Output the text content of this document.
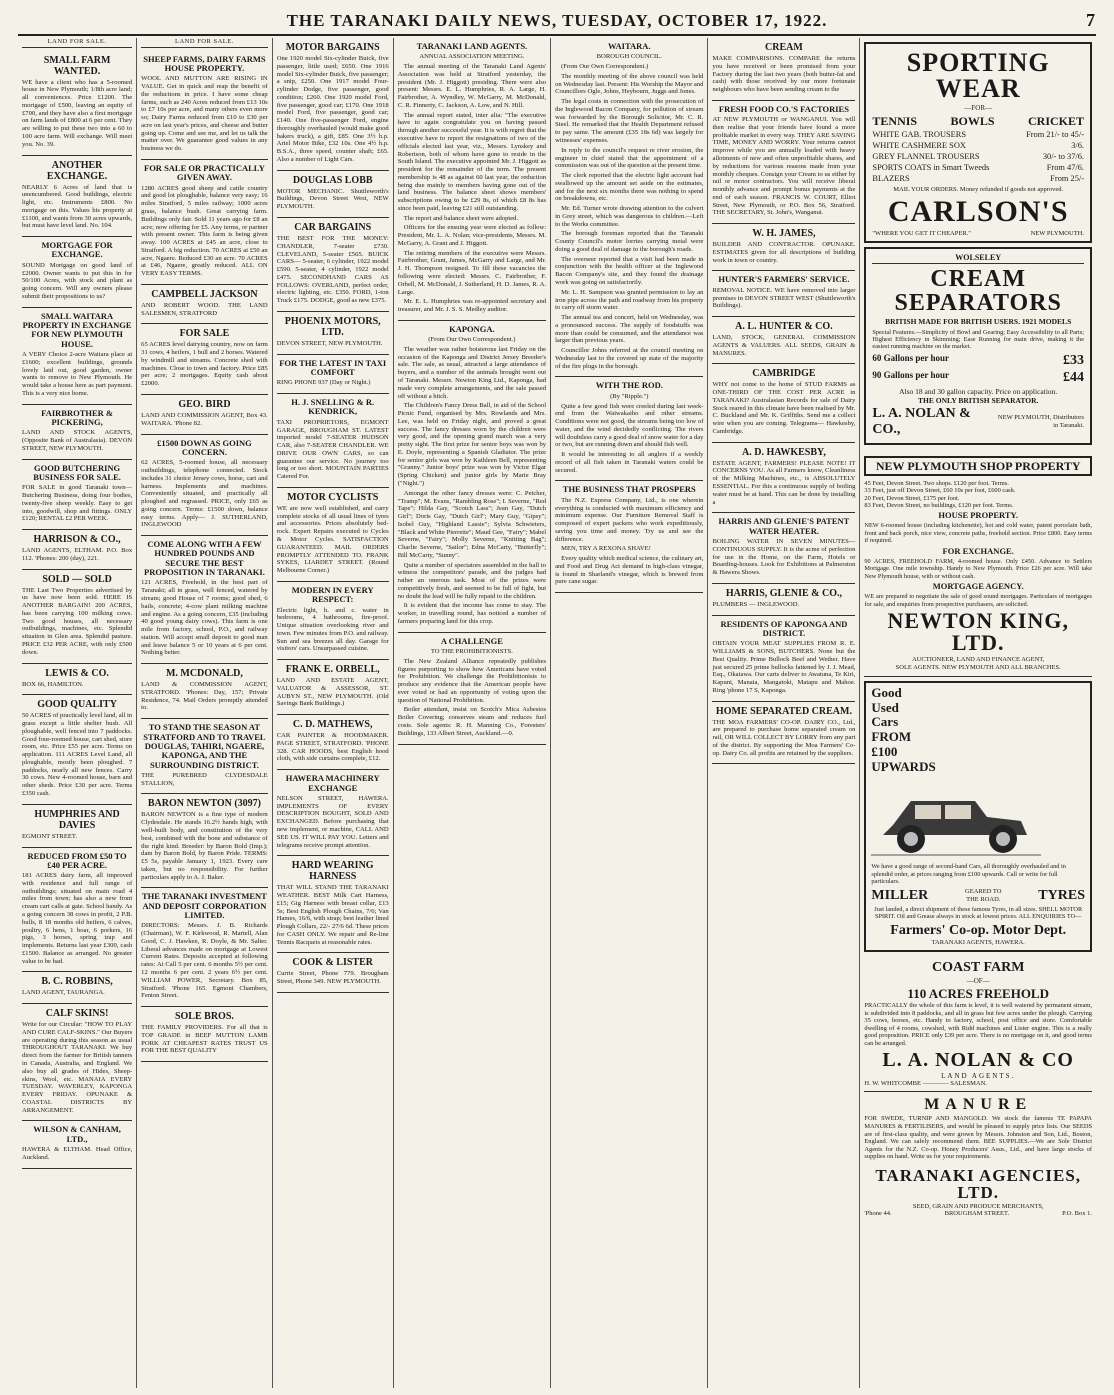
THE TARANAKI DAILY NEWS, TUESDAY, OCTOBER 17, 1922.	7
LAND FOR SALE.
SMALL FARM WANTED.

WE have a client who has a 5-roomed house in New Plymouth; 1/8th acre land; all conveniences. Price £1200. The mortgage of £500, leaving an equity of £700, and they have also a first mortgage on farm lands of £800 at 6 per cent. They are willing to put these two into a 60 to 100 acre farm. Will exchange. Will meet you. No. 39.

ANOTHER EXCHANGE.

NEARLY 6 Acres of land that is unencumbered. Good buildings, electric light, etc. Instruments £800. No mortgage on this. Values his property at £1100, and wants from 30 acres upwards, but must have level land. No. 104.

MORTGAGE FOR EXCHANGE.

SOUND Mortgage on good land of £2000. Owner wants to put this in for 50/100 Acres, with stock and plant as going concern. Will any owners please submit their propositions to us?

SMALL WAITARA PROPERTY IN EXCHANGE FOR NEW PLYMOUTH HOUSE.

A VERY Choice 2-acre Waitara place at £1600; excellent buildings, grounds lovely laid out, good garden, owner wants to remove to New Plymouth. He would take a house here as part payment. This is a very nice home.

FAIRBROTHER & PICKERING,

LAND AND STOCK AGENTS, (Opposite Bank of Australasia). DEVON STREET, NEW PLYMOUTH.

GOOD BUTCHERING BUSINESS FOR SALE.

FOR SALE in good Taranaki town—Butchering Business, doing four bodies, twenty-five sheep weekly. Easy to get into, goodwill, shop and fittings. ONLY £120; RENTAL £2 PER WEEK.

HARRISON & CO.,

LAND AGENTS, ELTHAM. P.O. Box 112. 'Phones: 200 (day), 221.

SOLD — SOLD

THE Last Two Properties advertised by us have now been sold. HERE IS ANOTHER BARGAIN! 200 ACRES, has been carrying 100 milking cows. Two good houses, all necessary outbuildings, machines, etc. Splendid situation in Glen area. Splendid pasture. PRICE £32 PER ACRE, with only £500 down.

LEWIS & CO.

BOX 66, HAMILTON.

GOOD QUALITY

50 ACRES of practically level land, all in grass except a little shelter bush. All ploughable, well fenced into 7 paddocks. Good four-roomed house, cart shed, store room, etc. Price £55 per acre. Terms on application. 111 ACRES Level Land, all ploughable, mostly been ploughed. 7 paddocks, nearly all new fences. Carry 30 cows. New 4-roomed house, barn and other sheds. Price £30 per acre. Terms £350 cash.

HUMPHRIES AND DAVIES

EGMONT STREET.

REDUCED FROM £50 TO £40 PER ACRE.

181 ACRES dairy farm, all improved with residence and full range of outbuildings; situated on main road 4 miles from town; has also a new front cream cart calls at gate. School handy. As a going concern 38 cows in profit, 2 P.B. bulls, 8 18 months old heifers, 6 calves, poultry, 6 hens, 1 boar, 6 porkers, 16 pigs, 3 horses, spring trap and implements. Returns last year £300, cash £1500. Balance as arranged. No greater value to be had.

B. C. ROBBINS,

LAND AGENT, TAURANGA.

CALF SKINS!

Write for our Circular: "HOW TO PLAY AND CURE CALF-SKINS." Our Buyers are operating during this season as usual THROUGHOUT TARANAKI. We buy direct from the farmer for British tanners in Canada, Australia, and England. We also buy all grades of Hides, Sheep-skins, Wool, etc. MANAIA EVERY TUESDAY. WAVERLEY, KAPONGA EVERY FRIDAY. OPUNAKE & COASTAL DISTRICTS BY ARRANGEMENT.

WILSON & CANHAM, LTD.,

HAWERA & ELTHAM. Head Office, Auckland.

LAND FOR SALE.
SHEEP FARMS, DAIRY FARMS HOUSE PROPERTY.

WOOL AND MUTTON ARE RISING IN VALUE. Get in quick and reap the benefit of the reductions in price. I have some cheap farms, such as 240 Acres reduced from £13 10s to £7 10s per acre, and many others even more so; Dairy Farms reduced from £10 to £30 per acre on last year's prices, and cheese and butter going up. Come and see me, and let us talk the matter over. We guarantee good values in any business we do.

FOR SALE OR PRACTICALLY GIVEN AWAY.

1280 ACRES good sheep and cattle country and good lot ploughable, balance very easy; 16 miles Stratford, 5 miles railway; 1000 acres grass, balance bush. Great carrying farm. Buildings only fair. Sold 11 years ago for £8 an acre; now offering for £5. Any terms, or partner with present owner. This farm is being given away. 100 ACRES at £45 an acre, close to Stratford. A big reduction. 70 ACRES at £50 an acre, Ngaere. Reduced £30 an acre. 70 ACRES at £46, Ngaere, greatly reduced. ALL ON VERY EASY TERMS.

CAMPBELL JACKSON

AND ROBERT WOOD. THE LAND SALESMEN, STRATFORD

FOR SALE

65 ACRES level dairying country, now on farm 31 cows, 4 heifers, 1 bull and 2 horses. Watered by windmill and streams. Concrete shed with machines. Close to town and factory. Price £85 per acre; 2 mortgages. Equity cash about £2000.

GEO. BIRD

LAND AND COMMISSION AGENT, Box 43. WAITARA. 'Phone 82.

£1500 DOWN AS GOING CONCERN.

62 ACRES, 5-roomed house, all necessary outbuildings, telephone connected. Stock includes 31 choice Jersey cows, horse, cart and harness. Implements and machines. Conveniently situated, and practically all ploughed and regrassed. PRICE, only £65 as going concern. Terms: £1500 down, balance easy terms. Apply— J. SUTHERLAND, INGLEWOOD

COME ALONG WITH A FEW HUNDRED POUNDS AND SECURE THE BEST PROPOSITION IN TARANAKI.

121 ACRES, Freehold, in the best part of Taranaki; all in grass, well fenced, watered by stream; good House of 7 rooms; good shed, 6 bails, concrete; 4-cow plant milking machine and engine. As a going concern, £35 (including 40 good young dairy cows). This farm is one mile from factory, school, P.O., and railway station. Will accept small deposit to good man and leave balance 5 or 10 years at 6 per cent. Nothing better.

M. MCDONALD,

LAND & COMMISSION AGENT, STRATFORD. 'Phones: Day, 157; Private Residence, 74. Mail Orders promptly attended to.

TO STAND THE SEASON AT STRATFORD AND TO TRAVEL DOUGLAS, TAHIRI, NGAERE, KAPONGA, AND THE SURROUNDING DISTRICT.

THE PUREBRED CLYDESDALE STALLION,

BARON NEWTON (3097)

BARON NEWTON is a fine type of modern Clydesdale. He stands 16.2½ hands high, with well-built body, and constitution of the very best, combined with the bone and substance of the right kind. Breeder: by Baron Bold (Imp.); dam by Baron Bold, by Baron Pride. TERMS: £5 5s, payable January 1, 1923. Every care taken, but no responsibility. For further particulars apply to A. J. Baker.

THE TARANAKI INVESTMENT AND DEPOSIT CORPORATION LIMITED.

DIRECTORS: Messrs. J. B. Richards (Chairman), W. F. Kirkwood, R. Martell, Alan Good, C. J. Hawken, R. Doyle, & Mr. Salter. Liberal advances made on mortgage at Lowest Current Rates. Deposits accepted at following rates: At Call 5 per cent. 6 months 5½ per cent. 12 months 6 per cent. 2 years 6½ per cent. WILLIAM POWER, Secretary. Box 85, Stratford. 'Phone 165. Egmont Chambers, Fenton Street.

SOLE BROS.

THE FAMILY PROVIDERS. For all that is TOP GRADE in BEEF MUTTON LAMB PORK AT CHEAPEST RATES TRUST US FOR THE BEST QUALITY

MOTOR BARGAINS

One 1920 model Six-cylinder Buick, five passenger, little used; £650. One 1916 model Six-cylinder Buick, five passenger; a snip, £250. One 1917 model Four-cylinder Dodge, five passenger, good condition; £260. One 1920 model Ford, five passenger, good car; £170. One 1918 model Ford, five passenger, good car; £140. One five-passenger Ford, engine thoroughly overhauled (would make good bakers truck), a gift, £85. One 3½ h.p. Ariel Motor Bike, £32 10s. One 4½ h.p. B.S.A., three speed, counter shaft; £65. Also a number of Light Cars.

DOUGLAS LOBB

MOTOR MECHANIC. Shuttleworth's Buildings, Devon Street West, NEW PLYMOUTH.

CAR BARGAINS

THE BEST FOR THE MONEY: CHANDLER, 7-seater £730. CLEVELAND, 5-seater £565. BUICK CARS— 5-seater, 6 cylinder, 1922 model £590. 5-seater, 4 cylinder, 1922 model £475. SECONDHAND CARS AS FOLLOWS: OVERLAND, perfect order, electric lighting, etc. £350. FORD, 1-ton Truck £175. DODGE, good as new £375.

PHOENIX MOTORS, LTD.

DEVON STREET, NEW PLYMOUTH.

FOR THE LATEST IN TAXI COMFORT

RING PHONE 937 (Day or Night.)

H. J. SNELLING & R. KENDRICK,

TAXI PROPRIETORS, EGMONT GARAGE, BROUGHAM ST. LATEST imported model 7-SEATER HUDSON CAR, also 7-SEATER CHANDLER. WE DRIVE OUR OWN CARS, so can guarantee our service. No journey too long or too short. MOUNTAIN PARTIES Catered For.

MOTOR CYCLISTS

WE are now well established, and carry complete stocks of all usual lines of tyres and accessories. Prices absolutely bed-rock. Expert Repairs executed to Cycles & Motor Cycles. SATISFACTION GUARANTEED. MAIL ORDERS PROMPTLY ATTENDED TO. FRANK SYKES, LIARDET STREET. (Round Melbourne Corner.)

MODERN IN EVERY RESPECT:

Electric light, h. and c. water in bedrooms, 4 bathrooms, fire-proof. Unique situation overlooking river and town. Few minutes from P.O. and railway. Sun and sea breezes all day. Garage for visitors' cars. Unsurpassed cuisine.

FRANK E. ORBELL,

LAND AND ESTATE AGENT, VALUATOR & ASSESSOR, ST. AUBYN ST., NEW PLYMOUTH. (Old Savings Bank Buildings.)

C. D. MATHEWS,

CAR PAINTER & HOODMAKER. PAGE STREET, STRATFORD. 'PHONE 328. CAR HOODS, best English hood cloth, with side curtains complete, £12.

HAWERA MACHINERY EXCHANGE

NELSON STREET, HAWERA. IMPLEMENTS OF EVERY DESCRIPTION BOUGHT, SOLD AND EXCHANGED. Before purchasing that new implement, or machine, CALL AND SEE US. IT WILL PAY YOU. Letters and telegrams receive prompt attention.

HARD WEARING HARNESS

THAT WILL STAND THE TARANAKI WEATHER. BEST Milk Cart Harness, £15; Gig Harness with breast collar, £13 5s; Best English Plough Chains, 7/6; Van Hames, 16/6, with strap; best leather lined Plough Collars, 22/- 27/6 6d. These prices for CASH ONLY. We repair and Re-line Tennis Racquets at reasonable rates.

COOK & LISTER

Currie Street, Phone 779. Brougham Street, Phone 349. NEW PLYMOUTH.

TARANAKI LAND AGENTS.
ANNUAL ASSOCIATION MEETING.

The annual meeting of the Taranaki Land Agents' Association was held at Stratford yesterday, the president (Mr. J. Higgott) presiding. There were also present: Messrs. E. L. Humphries, R. A. Large, H. Fairbrother, A. Wyndley, W. McGarry, M. McDonald, C. R. Finnerty, C. Jackson, A. Low, and N. Hill.

The annual report stated, inter alia: "The executive have to again congratulate you on having passed through another successful year. It is with regret that the executive have to report the resignations of two of the officials elected last year, viz., Messrs. Lynskey and Robertson, both of whom have gone to reside in the South Island. The executive appointed Mr. J. Higgott as president for the remainder of the term. The present membership is 48 as against 60 last year, the reduction being due mainly to members having gone out of the land business. The balance sheet shows members' subscriptions owing to be £29 8s, of which £8 8s has since been paid, leaving £21 still outstanding.

The report and balance sheet were adopted.

Officers for the ensuing year were elected as follow: President, Mr. L. A. Nolan; vice-presidents, Messrs. M. McGarry, A. Grant and J. Higgott.

The retiring members of the executive were Messrs. Fairbrother, Grant, James, McGarry and Large, and Mr. J. H. Thompson resigned. To fill these vacancies the following were elected: Messrs. C. Fairbrother, F. Orbell, M. McDonald, J. Sutherland, H. D. James, R. A. Large.

Mr. E. L. Humphries was re-appointed secretary and treasurer, and Mr. J. S. S. Medley auditor.

KAPONGA.
(From Our Own Correspondent.)

The weather was rather boisterous last Friday on the occasion of the Kaponga and District Jersey Breeder's sale. The sale, as usual, attracted a large attendance of buyers, and a number of the animals brought went out of Taranaki. Messrs. Newton King Ltd., Kaponga, had made very complete arrangements, and the sale passed off without a hitch.

The Children's Fancy Dress Ball, in aid of the School Picnic Fund, organised by Mrs. Rowlands and Mrs. Lee, was held on Friday night, and proved a great success. The fancy dresses worn by the children were very good, and the opening grand march was a very pretty sight. The first prize for senior boys was won by E. Doyle, representing a Spanish Gladiator. The prize for senior girls was won by Kathleen Bell, representing "Granny." Junior boys' prize was won by Victor Elgar (Spring Chicken) and junior girls by Marie Bray ("Night.")

Amongst the other fancy dresses were: C. Petcher, "Tramp"; M. Evans, "Rambling Rose"; I. Severne, "Red Tape"; Hilda Gay, "Scotch Lass"; Jean Gay, "Dutch Girl"; Doris Gay, "Dutch Girl"; Mary Guy, "Gipsy"; Isobel Guy, "Highland Lassie"; Sylvia Schwieters, "Black and White Pierrette"; Maud Gee, "Fairy"; Mabel Severne, "Fairy"; Molly Severne, "Knitting Bag"; Charlie Severne, "Sailor"; Edna McCarty, "Butterfly"; Bill McCarty, "Sunny".

Quite a number of spectators assembled in the hall to witness the competitors' parade, and the judges had rather an onerous task. Most of the prizes were competitively fresh, and seemed to be full of fight, but no doubt the lead will be fully repaid to the children.

It is evident that the income has come to stay. The worker, in travelling round, has noticed a number of farmers preparing land for this crop.

A CHALLENGE
TO THE PROHIBITIONISTS.

The New Zealand Alliance repeatedly publishes figures purporting to show how Americans have voted for Prohibition. We challenge the Prohibitionists to produce any evidence that the American people have ever voted or had an opportunity of voting upon the question of National Prohibition.

Boiler attendant, insist on Scotch's Mica Asbestos Boiler Covering; conserves steam and reduces fuel costs. Sole agents: R. H. Manning Co., Foresters' Buildings, 133 Albert Street, Auckland.—0.

WAITARA.
BOROUGH COUNCIL.

(From Our Own Correspondent.)

The monthly meeting of the above council was held on Wednesday last. Present: His Worship the Mayor and Councillors Ogle, Johns, Heybourn, Juggs and Jones.

The legal costs in connection with the prosecution of the Inglewood Bacon Company, for pollution of stream was forwarded by the Borough Solicitor, Mr. C. R. Steel. He remarked that the Health Department refused to pay same. The amount (£35 18s 6d) was largely for witnesses' expenses.

In reply to the council's request re river erosion, the engineer in chief stated that the appointment of a commission was out of the question at the present time.

The clerk reported that the electric light account had swallowed up the amount set aside on the estimates, and for the next six months there was nothing to spend on breakdowns, etc.

Mr. Ed. Turner wrote drawing attention to the culvert in Grey street, which was dangerous to children.—Left to the Works committee.

The borough foreman reported that the Taranaki County Council's motor lorries carrying metal were doing a good deal of damage to the borough's roads.

The overseer reported that a visit had been made in conjunction with the health officer at the Inglewood Bacon Company's site, and they found the drainage work was going on satisfactorily.

Mr. L. H. Sampson was granted permission to lay an iron pipe across the path and roadway from his property to carry off storm water.

The annual tea and concert, held on Wednesday, was a pronounced success. The supply of foodstuffs was more than could be consumed, and the attendance was larger than previous years.

Councillor Johns referred at the council meeting on Wednesday last to the covered up state of the majority of the fire plugs in the borough.

WITH THE ROD.
(By "Ripple.")

Quite a few good fish were creeled during last week-end from the Waiwakaiho and other streams. Conditions were not good, the streams being too low of water, and the wind decidedly conflicting. The rivers will doubtless carry a good deal of snow water for a day or two, but are running down and should fish well.

It would be interesting to all anglers if a weekly record of all fish taken in Taranaki waters could be secured.

THE BUSINESS THAT PROSPERS

The N.Z. Express Company, Ltd., is one wherein everything is conducted with maximum efficiency and minimum expense. Our Furniture Removal Staff is composed of expert packers who work expeditiously, saving you time and money. Try us and see the difference.

MEN, TRY A REXONA SHAVE!

Every quality which medical science, the culinary art, and Food and Drug Act demand in high-class vinegar, is found in Sharland's vinegar, which is brewed from pure cane sugar.

CREAM

MAKE COMPARISONS. COMPARE the returns you have received or been promised from your Factory during the last two years (both butter-fat and cash) with those received by our more fortunate neighbours who have been sending cream to the

FRESH FOOD CO.'S FACTORIES

AT NEW PLYMOUTH or WANGANUI. You will then realise that your friends have found a more profitable market in every way. THEY ARE SAVING TIME, MONEY AND WORRY. Your returns cannot improve while you are annually loaded with heavy allotments of new and often unprofitable shares, and by reductions for various reasons made from your monthly cheques. Consign your Cream to us either by rail or motor contractors. You will receive liberal monthly advance and prompt bonus payments at the end of each season. FRANCIS W. COURT, Elliot Street, New Plymouth, or P.O. Box 56, Stratford. THE SECRETARY, St. John's, Wanganui.

W. H. JAMES,

BUILDER AND CONTRACTOR. OPUNAKE. ESTIMATES given for all descriptions of building work in town or country.

HUNTER'S FARMERS' SERVICE.

REMOVAL NOTICE. WE have removed into larger premises in DEVON STREET WEST (Shuttleworth's Buildings).

A. L. HUNTER & CO.

LAND, STOCK, GENERAL COMMISSION AGENTS & VALUERS. ALL SEEDS, GRAIN & MANURES.

CAMBRIDGE

WHY not come to the home of STUD FARMS as ONE-THIRD OF THE COST PER ACRE in TARANAKI? Australasian Records for sale of Dairy Stock reared in this climate have been realised by Mr. C. Buckland and Mr. K. Griffiths. Send me a collect wire when you are coming. Telegrams— Hawkesby, Cambridge.

A. D. HAWKESBY,

ESTATE AGENT, FARMERS! PLEASE NOTE! IT CONCERNS YOU. As all Farmers know, Cleanliness of the Milking Machines, etc., is ABSOLUTELY ESSENTIAL. For this a continuous supply of boiling water must be at hand. This can be done by installing a

HARRIS AND GLENIE'S PATENT WATER HEATER.

BOILING WATER IN SEVEN MINUTES—CONTINUOUS SUPPLY. It is the acme of perfection for use in the Home, on the Farm, Hotels or Boarding-houses. Look for Exhibitions at Palmerston & Hawera Shows.

HARRIS, GLENIE & CO.,

PLUMBERS — INGLEWOOD.

RESIDENTS OF KAPONGA AND DISTRICT.

OBTAIN YOUR MEAT SUPPLIES FROM R. E. WILLIAMS & SONS, BUTCHERS. None but the Best Quality. Prime Bullock Beef and Wether. Have just secured 25 prime bullocks fattened by J. J. Mead, Esq., Okaiawa. Our carts deliver to Awatuna, Te Kiri, Kapuni, Manaia, Mangatoki, Matapu and Mahoe. Ring 'phone 17 S, Kaponga.

HOME SEPARATED CREAM.

THE MOA FARMERS' CO-OP. DAIRY CO., Ltd., are prepared to purchase home separated cream on rail, OR WILL COLLECT BY LORRY from any part of the district. By supporting the Moa Farmers' Co-op. Dairy Co. all profits are retained by the suppliers.

SPORTING WEAR
—FOR—
TENNIS	BOWLS	CRICKET
WHITE GAB. TROUSERS	From 21/- to 45/-
WHITE CASHMERE SOX	3/6.
GREY FLANNEL TROUSERS	30/- to 37/6.
SPORTS COATS in Smart Tweeds	From 47/6.
BLAZERS	From 25/-
MAIL YOUR ORDERS. Money refunded if goods not approved.
CARLSON'S
"WHERE YOU GET IT CHEAPER."	NEW PLYMOUTH.
WOLSELEY
CREAM SEPARATORS
BRITISH MADE FOR BRITISH USERS. 1921 MODELS

Special Features.—Simplicity of Bowl and Gearing; Easy Accessibility to all Parts; Highest Efficiency in Skimming; Ease Running for main drive, making it the easiest running machine on the market.

60 Gallons per hour	£33
90 Gallons per hour	£44
Also 18 and 30 gallon capacity. Price on application.
THE ONLY BRITISH SEPARATOR.
L. A. NOLAN & CO.,
NEW PLYMOUTH, Distributors in Taranaki.
NEW PLYMOUTH SHOP PROPERTY
45 Feet, Devon Street. Two shops. £120 per foot. Terms.
33 Feet, just off Devon Street, £60 10s per foot, £600 cash.
20 Feet, Devon Street, £175 per foot.
83 Feet, Devon Street, no buildings, £120 per foot. Terms.
HOUSE PROPERTY.

NEW 6-roomed house (including kitchenette), hot and cold water, patent porcelain bath, front and back porch, nice view, concrete paths, freehold section. Price £800. Easy terms if required.

FOR EXCHANGE.

90 ACRES, FREEHOLD FARM, 4-roomed house. Only £450. Advance to Settlers Mortgage. One mile township. Handy to New Plymouth. Price £26 per acre. Will take New Plymouth house, with or without cash.

MORTGAGE AGENCY.

WE are prepared to negotiate the sale of good sound mortgages. Particulars of mortgages for sale, and enquiries from prospective purchasers, are solicited.

NEWTON KING, LTD.
AUCTIONEER, LAND AND FINANCE AGENT,
SOLE AGENTS. NEW PLYMOUTH AND ALL BRANCHES.
Good
Used
Cars
FROM
£100
UPWARDS

We have a good range of second-hand Cars, all thoroughly overhauled and in splendid order, at prices ranging from £100 upwards. Call or write for full particulars.

MILLER	GEARED TO THE ROAD.	TYRES

Just landed, a direct shipment of these famous Tyres, in all sizes. SHELL MOTOR SPIRIT. Oil and Grease always in stock at lowest prices. ALL ENQUIRIES TO—

Farmers' Co-op. Motor Dept.
TARANAKI AGENTS, HAWERA.
COAST FARM
—OF—
110 ACRES FREEHOLD

PRACTICALLY the whole of this farm is level, it is well watered by permanent stream, is subdivided into 8 paddocks, and all in grass but few acres under the plough. Carrying 35 cows, horses, etc. Handy to factory, school, post office and store. Comfortable dwelling of 4 rooms, cowshed, with Ridd machines and Lister engine. This is a really good proposition. PRICE only £39 per acre. There is no mortgage on it, and good terms can be arranged.

L. A. NOLAN & CO
LAND AGENTS.
H. W. WHITCOMBE ———— SALESMAN.
MANURE

FOR SWEDE, TURNIP AND MANGOLD. We stock the famous TE PAPAPA MANURES & FERTILISERS, and would be pleased to supply price lists. Our SEEDS are of first-class quality, and were grown by Messrs. Johnston and Son, Ltd., Boston, England. We can safely recommend them. BEE SUPPLIES.—We are Sole District Agents for the N.Z. Co-op. Honey Producers' Assn., Ltd., and have large stocks of supplies on hand. Write us for your requirements.

TARANAKI AGENCIES, LTD.
SEED, GRAIN AND PRODUCE MERCHANTS,
'Phone 44.	BROUGHAM STREET.	P.O. Box 1.
